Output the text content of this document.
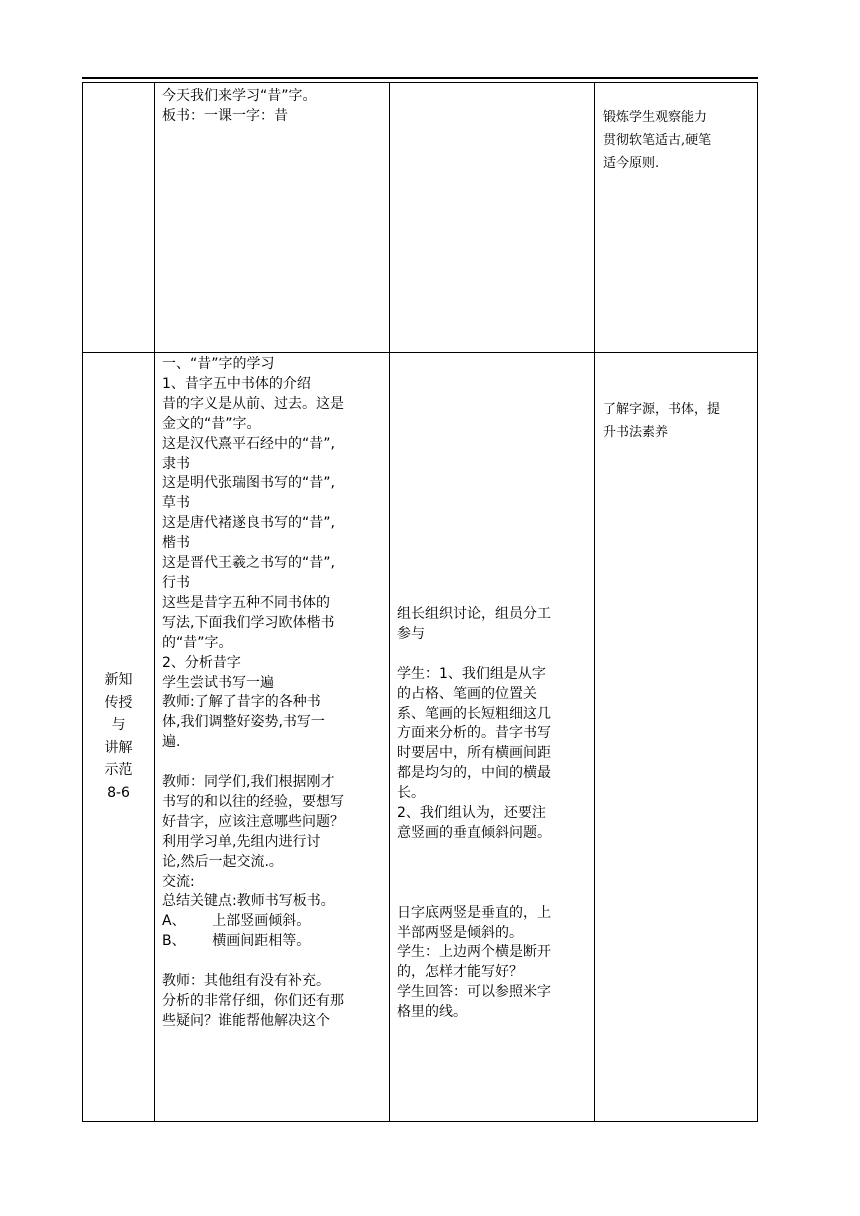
今天我们来学习“昔”字。
板书：一课一字：昔	锻炼学生观察能力
贯彻软笔适古,硬笔
适今原则.
新知
传授
与
讲解
示范
8-6
一、“昔”字的学习
1、昔字五中书体的介绍
昔的字义是从前、过去。这是
金文的“昔”字。
这是汉代熹平石经中的“昔”,
隶书
这是明代张瑞图书写的“昔”,
草书
这是唐代褚遂良书写的“昔”,
楷书
这是晋代王羲之书写的“昔”,
行书
这些是昔字五种不同书体的
写法,下面我们学习欧体楷书
的“昔”字。
2、分析昔字
学生尝试书写一遍
教师:了解了昔字的各种书
体,我们调整好姿势,书写一
遍.

教师：同学们,我们根据刚才
书写的和以往的经验，要想写
好昔字，应该注意哪些问题？
利用学习单,先组内进行讨
论,然后一起交流.。
交流:
总结关键点:教师书写板书。
A、      上部竖画倾斜。
B、      横画间距相等。

教师：其他组有没有补充。
分析的非常仔细，你们还有那
些疑问？谁能帮他解决这个
组长组织讨论，组员分工
参与

学生：1、我们组是从字
的占格、笔画的位置关
系、笔画的长短粗细这几
方面来分析的。昔字书写
时要居中，所有横画间距
都是均匀的，中间的横最
长。
2、我们组认为，还要注
意竖画的垂直倾斜问题。

日字底两竖是垂直的，上
半部两竖是倾斜的。
学生：上边两个横是断开
的，怎样才能写好？
学生回答：可以参照米字
格里的线。
了解字源，书体，提
升书法素养
